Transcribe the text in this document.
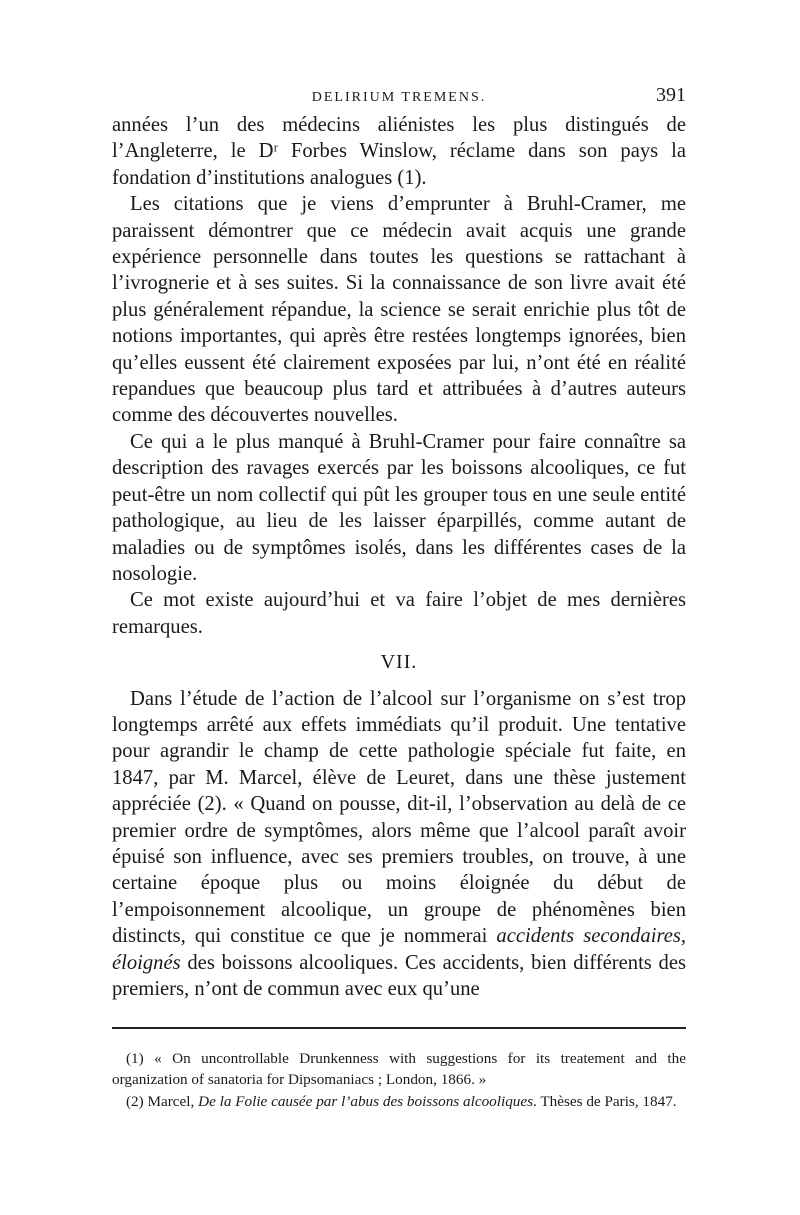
DELIRIUM TREMENS.	391

années l’un des médecins aliénistes les plus distingués de l’Angleterre, le Dʳ Forbes Winslow, réclame dans son pays la fondation d’institutions analogues (1).

Les citations que je viens d’emprunter à Bruhl-Cramer, me paraissent démontrer que ce médecin avait acquis une grande expérience personnelle dans toutes les questions se rattachant à l’ivrognerie et à ses suites. Si la connaissance de son livre avait été plus généralement répandue, la science se serait enrichie plus tôt de notions importantes, qui après être restées longtemps ignorées, bien qu’elles eussent été clairement exposées par lui, n’ont été en réalité repandues que beaucoup plus tard et attribuées à d’autres auteurs comme des découvertes nouvelles.

Ce qui a le plus manqué à Bruhl-Cramer pour faire connaître sa description des ravages exercés par les boissons alcooliques, ce fut peut-être un nom collectif qui pût les grouper tous en une seule entité pathologique, au lieu de les laisser éparpillés, comme autant de maladies ou de symptômes isolés, dans les différentes cases de la nosologie.

Ce mot existe aujourd’hui et va faire l’objet de mes dernières remarques.

VII.

Dans l’étude de l’action de l’alcool sur l’organisme on s’est trop longtemps arrêté aux effets immédiats qu’il produit. Une tentative pour agrandir le champ de cette pathologie spéciale fut faite, en 1847, par M. Marcel, élève de Leuret, dans une thèse justement appréciée (2). « Quand on pousse, dit-il, l’observation au delà de ce premier ordre de symptômes, alors même que l’alcool paraît avoir épuisé son influence, avec ses premiers troubles, on trouve, à une certaine époque plus ou moins éloignée du début de l’empoisonnement alcoolique, un groupe de phénomènes bien distincts, qui constitue ce que je nommerai accidents secondaires, éloignés des boissons alcooliques. Ces accidents, bien différents des premiers, n’ont de commun avec eux qu’une

(1) « On uncontrollable Drunkenness with suggestions for its treatement and the organization of sanatoria for Dipsomaniacs ; London, 1866. »

(2) Marcel, De la Folie causée par l’abus des boissons alcooliques. Thèses de Paris, 1847.
